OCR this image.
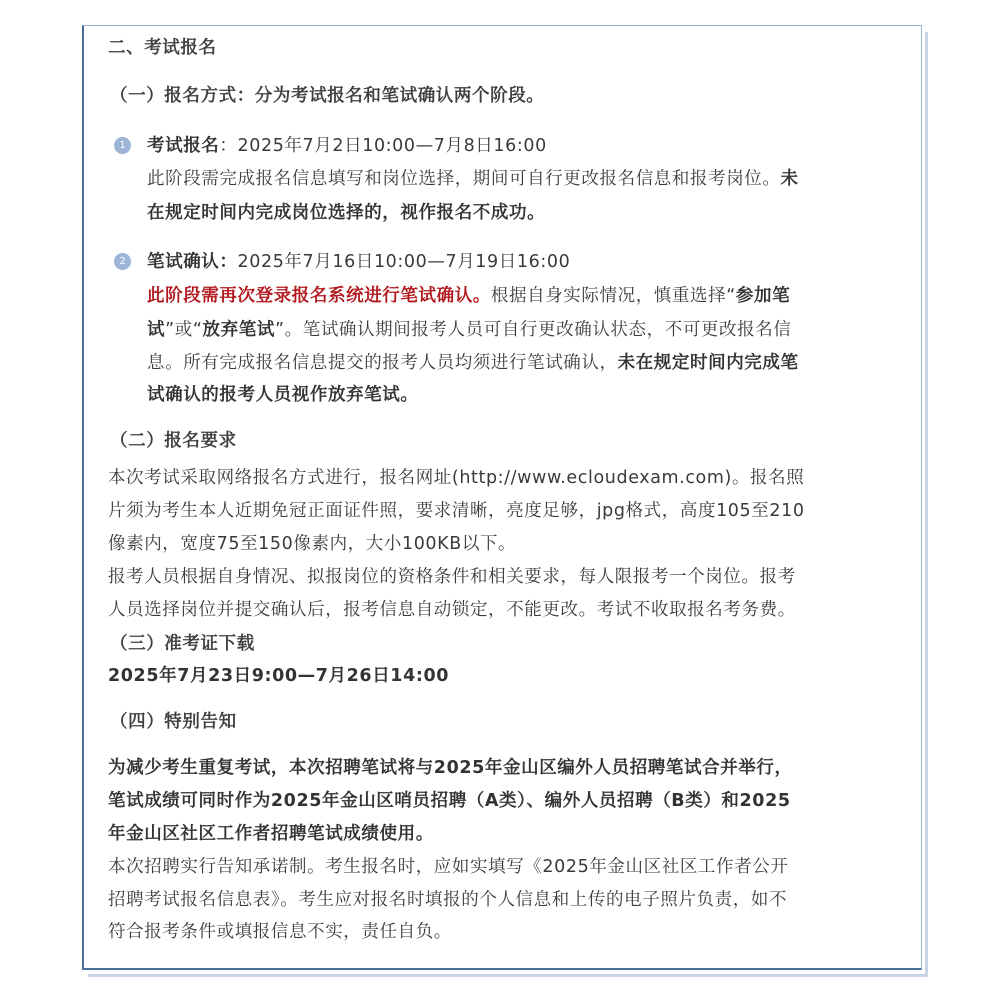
二、考试报名
（一）报名方式：分为考试报名和笔试确认两个阶段。
1	考试报名：2025年7月2日10:00—7月8日16:00
此阶段需完成报名信息填写和岗位选择，期间可自行更改报名信息和报考岗位。未
在规定时间内完成岗位选择的，视作报名不成功。
2	笔试确认：2025年7月16日10:00—7月19日16:00
此阶段需再次登录报名系统进行笔试确认。根据自身实际情况，慎重选择“参加笔
试”或“放弃笔试”。笔试确认期间报考人员可自行更改确认状态，不可更改报名信
息。所有完成报名信息提交的报考人员均须进行笔试确认，未在规定时间内完成笔
试确认的报考人员视作放弃笔试。
（二）报名要求
本次考试采取网络报名方式进行，报名网址(http://www.ecloudexam.com)。报名照
片须为考生本人近期免冠正面证件照，要求清晰，亮度足够，jpg格式，高度105至210
像素内，宽度75至150像素内，大小100KB以下。
报考人员根据自身情况、拟报岗位的资格条件和相关要求，每人限报考一个岗位。报考
人员选择岗位并提交确认后，报考信息自动锁定，不能更改。考试不收取报名考务费。
（三）准考证下载
2025年7月23日9:00—7月26日14:00
（四）特别告知
为减少考生重复考试，本次招聘笔试将与2025年金山区编外人员招聘笔试合并举行，
笔试成绩可同时作为2025年金山区哨员招聘（A类）、编外人员招聘（B类）和2025
年金山区社区工作者招聘笔试成绩使用。
本次招聘实行告知承诺制。考生报名时，应如实填写《2025年金山区社区工作者公开
招聘考试报名信息表》。考生应对报名时填报的个人信息和上传的电子照片负责，如不
符合报考条件或填报信息不实，责任自负。
